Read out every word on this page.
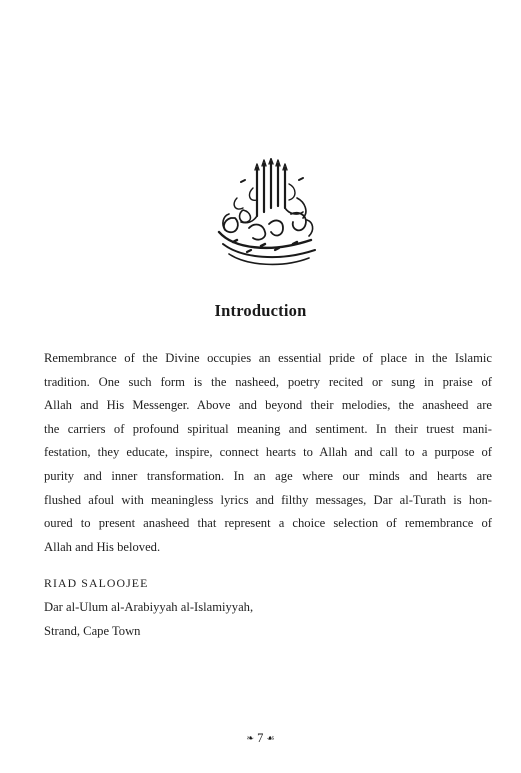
Introduction
Remembrance of the Divine occupies an essential pride of place in the Islamic
tradition. One such form is the nasheed, poetry recited or sung in praise of
Allah and His Messenger. Above and beyond their melodies, the anasheed are
the carriers of profound spiritual meaning and sentiment. In their truest mani-
festation, they educate, inspire, connect hearts to Allah and call to a purpose of
purity and inner transformation. In an age where our minds and hearts are
flushed afoul with meaningless lyrics and filthy messages, Dar al-Turath is hon-
oured to present anasheed that represent a choice selection of remembrance of
Allah and His beloved.
RIAD SALOOJEE
Dar al-Ulum al-Arabiyyah al-Islamiyyah,
Strand, Cape Town
❧ 7 ☙
